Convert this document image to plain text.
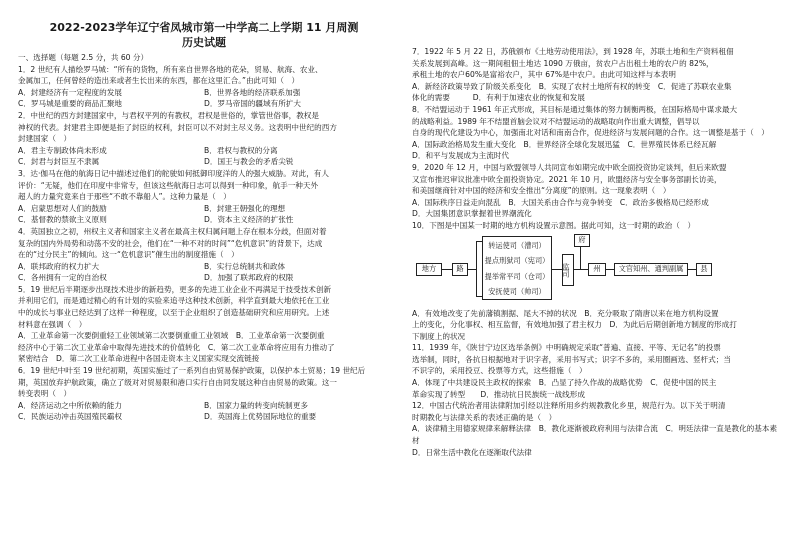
2022-2023学年辽宁省凤城市第一中学高二上学期 11 月周测
历史试题
一、选择题（每题 2.5 分，共 60 分）
1．2 世纪有人描绘罗马城：“所有的货物，所有来自世界各地的花朵，贸易、航海、农业、
金属加工，任何曾经的造出来或者生长出来的东西，都在这里汇合。”由此可知（　）
A．封建经济有一定程度的发展	B．世界各地的经济联系加强
C．罗马城是重要的商品汇聚地	D．罗马帝国的疆域有所扩大
2．中世纪的西方封建国家中，与君权平列的有教权，君权是世俗的，掌管世俗事，教权是
神权的代表。封建君主即便是拒了封臣的权利，封臣可以不对封主尽义务。这表明中世纪的西方
封建国家（　）
A．君主专制政体尚未形成	B．君权与教权的分离
C．封君与封臣互不隶属	D．国王与教会的矛盾尖锐
3．达·伽马在他的航海日记中描述过他们的舵驶如何抵御印度洋的人的强大威胁。对此，有人
评价：“无疑，他们在印度中非常专，但该这些航海日志可以得到一种印象，航手一种天外
超人的力量究竟来自于那些“不敢不靠船人”。这种力量是（　）
A．启蒙思想对人们的鼓励	B．封建王朝强化的理想
C．基督教的禁欲主义原则	D．资本主义经济的扩张性
4．英国独立之初，州权主义者和国家主义者在最高主权归属问题上存在根本分歧，但面对着
复杂的国内外局势和动荡不安的社会，他们在“一种不对的时间”“危机意识”的背景下，达成
在的“过分民主”的倾向。这一“危机意识”催生出的制度措施（　）
A．联邦政府的权力扩大	B．实行总统制共和政体
C．各州拥有一定的自治权	D．加强了联邦政府的权限
5．19 世纪后半期逐步出现技术进步的新趋势，更多的先进工业企业不再满足于技受技术创新
并利用它们，而是通过精心的有计划的实验来追寻这种技术创新，科学直到最大地依托在工业
中的成长与事业已经达到了这样一种程度，以至于企业组织了创造基础研究和应用研究。上述
材料意在强调（　）
A．工业革命第一次要倒重轻工业领域第二次要倒重重工业领域　B．工业革命第一次要倒重
经济中心于第二次工业革命中取得先进技术的价值转化　C．第二次工业革命将应用有力推动了
紧密结合　D．第二次工业革命进程中各国走资本主义国家实现交流链接
6．19 世纪中叶至 19 世纪初期，英国实施过了一系列自由贸易保护政策，以保护本土贸易；19 世纪后
期，英国放弃护航政策，确立了级对对贸易限和港口实行自由同发展这种自由贸易的政策。这一
转变表明（　）
A．经济运动之中所依赖的能力	B．国家力量的转变向统制更多
C．民族运动冲击英国殖民霸权	D．英国海上优势国际地位的重要
7．1922 年 5 月 22 日，苏俄颁布《土地劳动使用法》，到 1928 年，苏联土地和生产资料租佃
关系发展到高峰。这一期间租佃土地达 1090 万俄亩，贫农户占出租土地的农户的 82%，
承租土地的农户60%是富裕农户，其中 67%是中农户。由此可知这样与本表明
A．新经济政策导致了阶级关系变化　 B．实现了农村土地所有权的转变　 C．促进了苏联农业集
体化的需要　　　	D．有利于加速农业的恢复和发展
8．不结盟运动于 1961 年正式形成，其目标是通过集体的努力制衡两极，在国际格局中谋求最大
的战略利益。1989 年不结盟首脑会议对不结盟运动的战略取向作出重大调整，倡导以
自身的现代化建设为中心，加强南北对话和南南合作，促进经济与发展问题的合作。这一调整是基于（　）
A．国际政治格局发生重大变化　 B．世界经济全球化发展迅猛　 C．世界殖民体系已经瓦解
D．和平与发展成为主流时代
9．2020 年 12 月，中国与欧盟领导人共同宣布如期完成中欧全面投资协定谈判，但后来欧盟
又宣布推迟审议批准中欧全面投资协定。2021 年 10 月，欧盟经济与安全事务部副长访美，
和美国继商针对中国的经济和安全推出“分离度”的原则。这一现象表明（　）
A．国际秩序日益走向混乱　 B．大国关系由合作与竞争转变　 C．政治多极格局已经形成
D．大国集团意识掌握着世界潮流化
10．下图是中国某一时期的地方机构设置示意图。据此可知，这一时期的政治（　）
地方	路
转运使司（漕司）
提点刑狱司（宪司）
提举常平司（仓司）
安抚使司（帅司）
监司
府
州	文官知州、通判副属	县
A．有效地改变了先前藩镇割据、尾大不掉的状况　 B．充分吸取了隋唐以来在地方机构设置
上的变化，分化事权、相互监督，有效地加强了君主权力　 D．为此后后期创新地方制度的形成打
下制度上的状况
11．1939 年，《陕甘宁边区选举条例》中明确规定采取“普遍、直接、平等、无记名”的投票
选举制，同时，各抗日根据地对于识字者，采用书写式；识字不多的，采用圈画选、竖杆式；当
不识字的，采用投豆、投票等方式，这些措施（　）
A．体现了中共建设民主政权的探索　 B．凸显了持久作战的战略优势　 C．促使中国的民主
革命实现了转型　　 D．推动抗日民族统一战线形成
12．中国古代统治者用法律附加引经以注释所用乡约规教教化乡里，规范行为。以下关于明清
时期教化与法律关系的表述正确的是（　）
A．谈律精主用德家规律来解释法律　 B．教化逐渐被政府利用与法律合流　 C．明廷法律一直是教化的基本素材
D．日常生活中教化在逐渐取代法律
